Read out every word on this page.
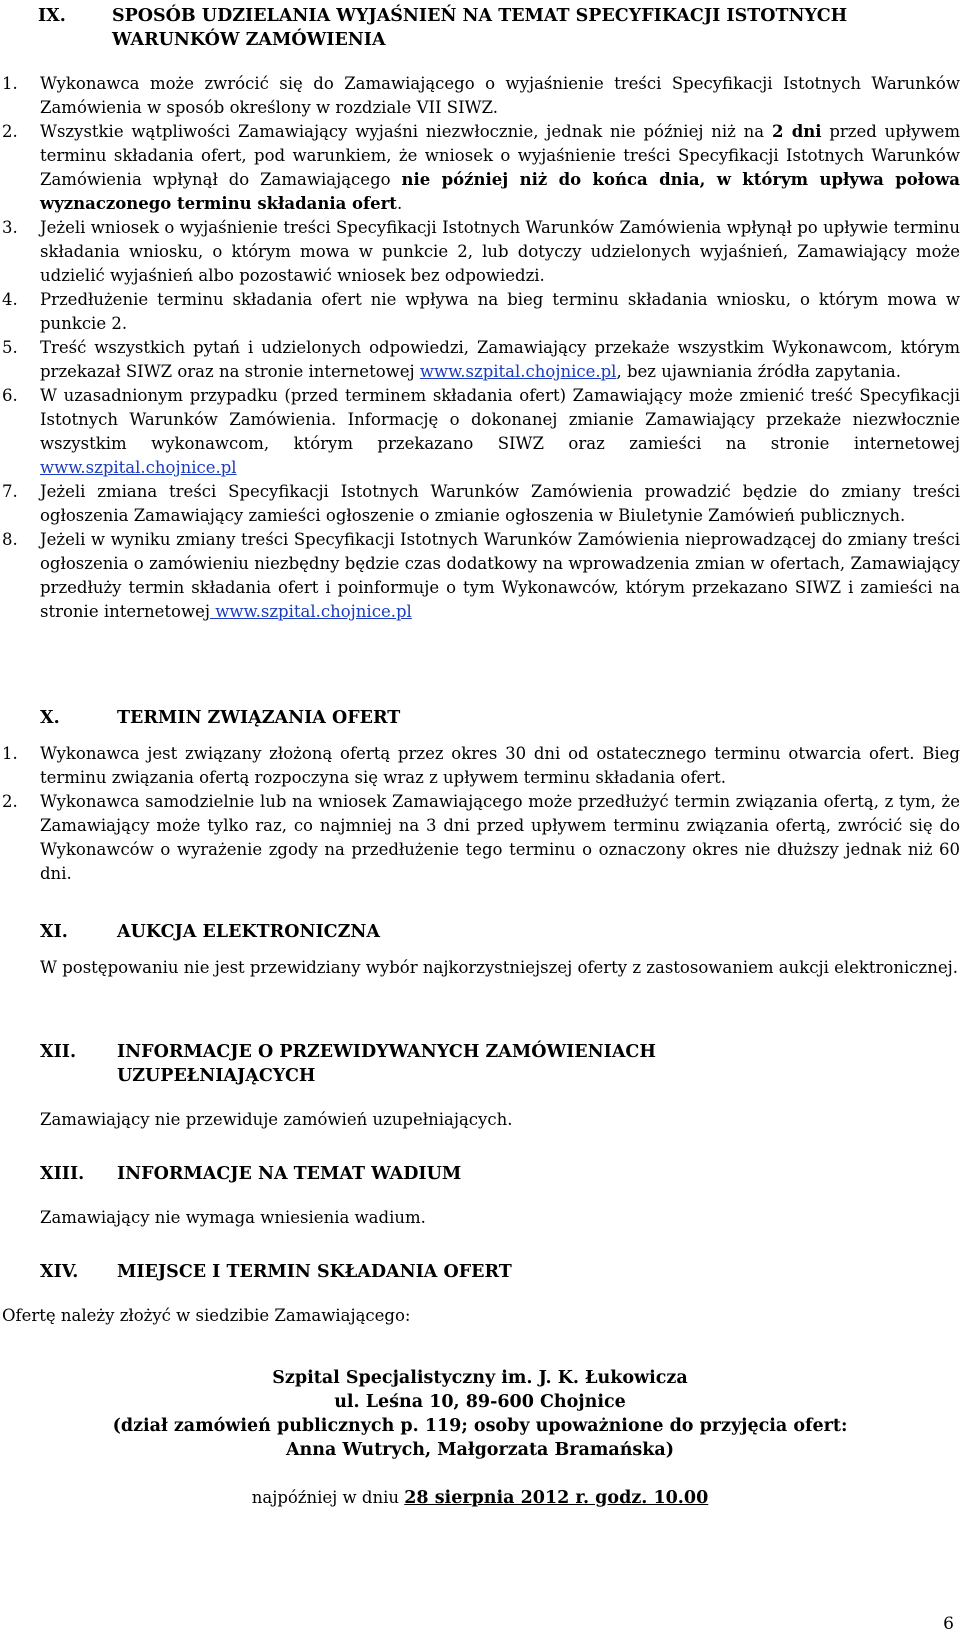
IX.	SPOSÓB UDZIELANIA WYJAŚNIEŃ NA TEMAT SPECYFIKACJI ISTOTNYCH WARUNKÓW ZAMÓWIENIA
1.	Wykonawca może zwrócić się do Zamawiającego o wyjaśnienie treści Specyfikacji Istotnych Warunków Zamówienia w sposób określony w rozdziale VII SIWZ.
2.	Wszystkie wątpliwości Zamawiający wyjaśni niezwłocznie, jednak nie później niż na 2 dni przed upływem terminu składania ofert, pod warunkiem, że wniosek o wyjaśnienie treści Specyfikacji Istotnych Warunków Zamówienia wpłynął do Zamawiającego nie później niż do końca dnia, w którym upływa połowa wyznaczonego terminu składania ofert.
3.	Jeżeli wniosek o wyjaśnienie treści Specyfikacji Istotnych Warunków Zamówienia wpłynął po upływie terminu składania wniosku, o którym mowa w punkcie 2, lub dotyczy udzielonych wyjaśnień, Zamawiający może udzielić wyjaśnień albo pozostawić wniosek bez odpowiedzi.
4.	Przedłużenie terminu składania ofert nie wpływa na bieg terminu składania wniosku, o którym mowa w punkcie 2.
5.	Treść wszystkich pytań i udzielonych odpowiedzi, Zamawiający przekaże wszystkim Wykonawcom, którym przekazał SIWZ oraz na stronie internetowej www.szpital.chojnice.pl, bez ujawniania źródła zapytania.
6.	W uzasadnionym przypadku (przed terminem składania ofert) Zamawiający może zmienić treść Specyfikacji Istotnych Warunków Zamówienia. Informację o dokonanej zmianie Zamawiający przekaże niezwłocznie wszystkim wykonawcom, którym przekazano SIWZ oraz zamieści na stronie internetowej www.szpital.chojnice.pl
7.	Jeżeli zmiana treści Specyfikacji Istotnych Warunków Zamówienia prowadzić będzie do zmiany treści ogłoszenia Zamawiający zamieści ogłoszenie o zmianie ogłoszenia w Biuletynie Zamówień publicznych.
8.	Jeżeli w wyniku zmiany treści Specyfikacji Istotnych Warunków Zamówienia nieprowadzącej do zmiany treści ogłoszenia o zamówieniu niezbędny będzie czas dodatkowy na wprowadzenia zmian w ofertach, Zamawiający przedłuży termin składania ofert i poinformuje o tym Wykonawców, którym przekazano SIWZ i zamieści na stronie internetowej www.szpital.chojnice.pl
X.	TERMIN ZWIĄZANIA OFERT
1.	Wykonawca jest związany złożoną ofertą przez okres 30 dni od ostatecznego terminu otwarcia ofert. Bieg terminu związania ofertą rozpoczyna się wraz z upływem terminu składania ofert.
2.	Wykonawca samodzielnie lub na wniosek Zamawiającego może przedłużyć termin związania ofertą, z tym, że Zamawiający może tylko raz, co najmniej na 3 dni przed upływem terminu związania ofertą, zwrócić się do Wykonawców o wyrażenie zgody na przedłużenie tego terminu o oznaczony okres nie dłuższy jednak niż 60 dni.
XI.	AUKCJA ELEKTRONICZNA
W postępowaniu nie jest przewidziany wybór najkorzystniejszej oferty z zastosowaniem aukcji elektronicznej.
XII.	INFORMACJE O PRZEWIDYWANYCH ZAMÓWIENIACH UZUPEŁNIAJĄCYCH
Zamawiający nie przewiduje zamówień uzupełniających.
XIII.	INFORMACJE NA TEMAT WADIUM
Zamawiający nie wymaga wniesienia wadium.
XIV.	MIEJSCE I TERMIN SKŁADANIA OFERT
Ofertę należy złożyć w siedzibie Zamawiającego:
Szpital Specjalistyczny im. J. K. Łukowicza
ul. Leśna 10, 89-600 Chojnice
(dział zamówień publicznych p. 119; osoby upoważnione do przyjęcia ofert:
Anna Wutrych, Małgorzata Bramańska)
najpóźniej w dniu 28 sierpnia 2012 r. godz. 10.00
6
